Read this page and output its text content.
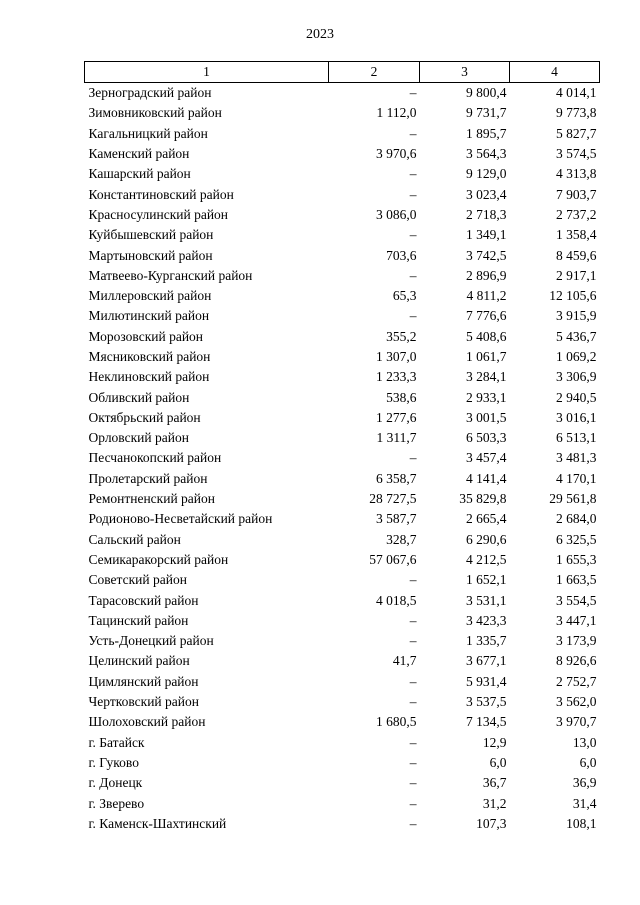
2023
1	2	3	4
Зерноградский район	–	9 800,4	4 014,1
Зимовниковский район	1 112,0	9 731,7	9 773,8
Кагальницкий район	–	1 895,7	5 827,7
Каменский район	3 970,6	3 564,3	3 574,5
Кашарский район	–	9 129,0	4 313,8
Константиновский район	–	3 023,4	7 903,7
Красносулинский район	3 086,0	2 718,3	2 737,2
Куйбышевский район	–	1 349,1	1 358,4
Мартыновский район	703,6	3 742,5	8 459,6
Матвеево-Курганский район	–	2 896,9	2 917,1
Миллеровский район	65,3	4 811,2	12 105,6
Милютинский район	–	7 776,6	3 915,9
Морозовский район	355,2	5 408,6	5 436,7
Мясниковский район	1 307,0	1 061,7	1 069,2
Неклиновский район	1 233,3	3 284,1	3 306,9
Обливский район	538,6	2 933,1	2 940,5
Октябрьский район	1 277,6	3 001,5	3 016,1
Орловский район	1 311,7	6 503,3	6 513,1
Песчанокопский район	–	3 457,4	3 481,3
Пролетарский район	6 358,7	4 141,4	4 170,1
Ремонтненский район	28 727,5	35 829,8	29 561,8
Родионово-Несветайский район	3 587,7	2 665,4	2 684,0
Сальский район	328,7	6 290,6	6 325,5
Семикаракорский район	57 067,6	4 212,5	1 655,3
Советский район	–	1 652,1	1 663,5
Тарасовский район	4 018,5	3 531,1	3 554,5
Тацинский район	–	3 423,3	3 447,1
Усть-Донецкий район	–	1 335,7	3 173,9
Целинский район	41,7	3 677,1	8 926,6
Цимлянский район	–	5 931,4	2 752,7
Чертковский район	–	3 537,5	3 562,0
Шолоховский район	1 680,5	7 134,5	3 970,7
г. Батайск	–	12,9	13,0
г. Гуково	–	6,0	6,0
г. Донецк	–	36,7	36,9
г. Зверево	–	31,2	31,4
г. Каменск-Шахтинский	–	107,3	108,1
